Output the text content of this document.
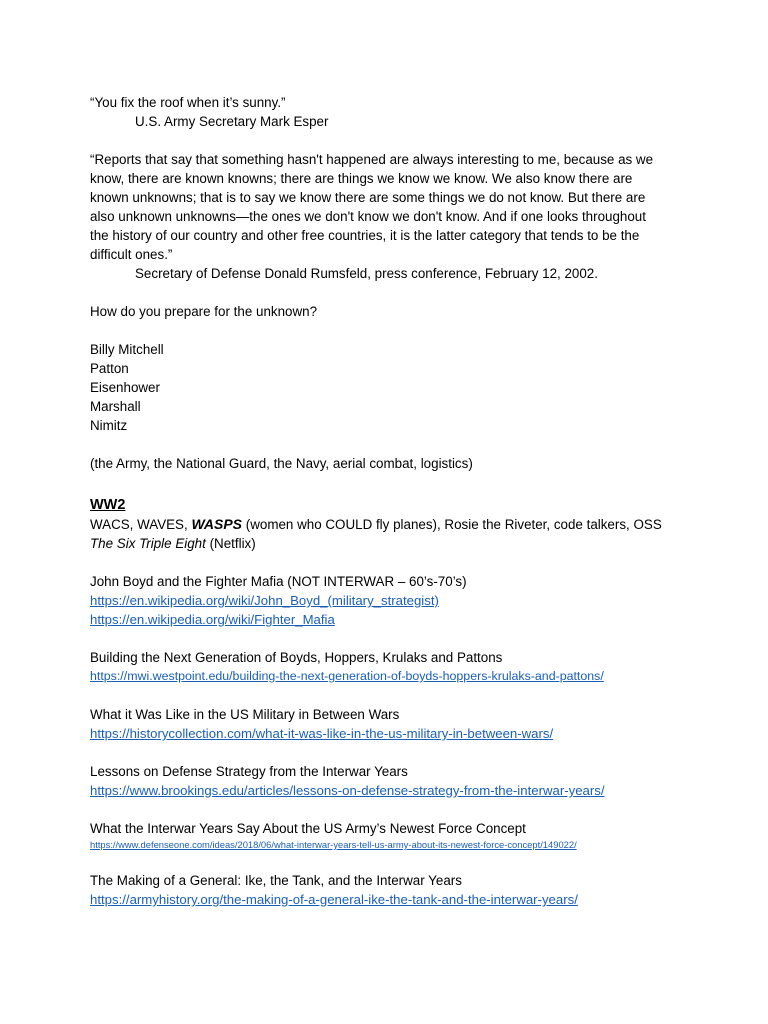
“You fix the roof when it’s sunny.”
U.S. Army Secretary Mark Esper
“Reports that say that something hasn't happened are always interesting to me, because as we
know, there are known knowns; there are things we know we know. We also know there are
known unknowns; that is to say we know there are some things we do not know. But there are
also unknown unknowns—the ones we don't know we don't know. And if one looks throughout
the history of our country and other free countries, it is the latter category that tends to be the
difficult ones.”
Secretary of Defense Donald Rumsfeld, press conference, February 12, 2002.
How do you prepare for the unknown?
Billy Mitchell
Patton
Eisenhower
Marshall
Nimitz
(the Army, the National Guard, the Navy, aerial combat, logistics)
WW2
WACS, WAVES, WASPS (women who COULD fly planes), Rosie the Riveter, code talkers, OSS
The Six Triple Eight (Netflix)
John Boyd and the Fighter Mafia (NOT INTERWAR – 60’s-70’s)
https://en.wikipedia.org/wiki/John_Boyd_(military_strategist)
https://en.wikipedia.org/wiki/Fighter_Mafia
Building the Next Generation of Boyds, Hoppers, Krulaks and Pattons
https://mwi.westpoint.edu/building-the-next-generation-of-boyds-hoppers-krulaks-and-pattons/
What it Was Like in the US Military in Between Wars
https://historycollection.com/what-it-was-like-in-the-us-military-in-between-wars/
Lessons on Defense Strategy from the Interwar Years
https://www.brookings.edu/articles/lessons-on-defense-strategy-from-the-interwar-years/
What the Interwar Years Say About the US Army’s Newest Force Concept
https://www.defenseone.com/ideas/2018/06/what-interwar-years-tell-us-army-about-its-newest-force-concept/149022/
The Making of a General: Ike, the Tank, and the Interwar Years
https://armyhistory.org/the-making-of-a-general-ike-the-tank-and-the-interwar-years/
